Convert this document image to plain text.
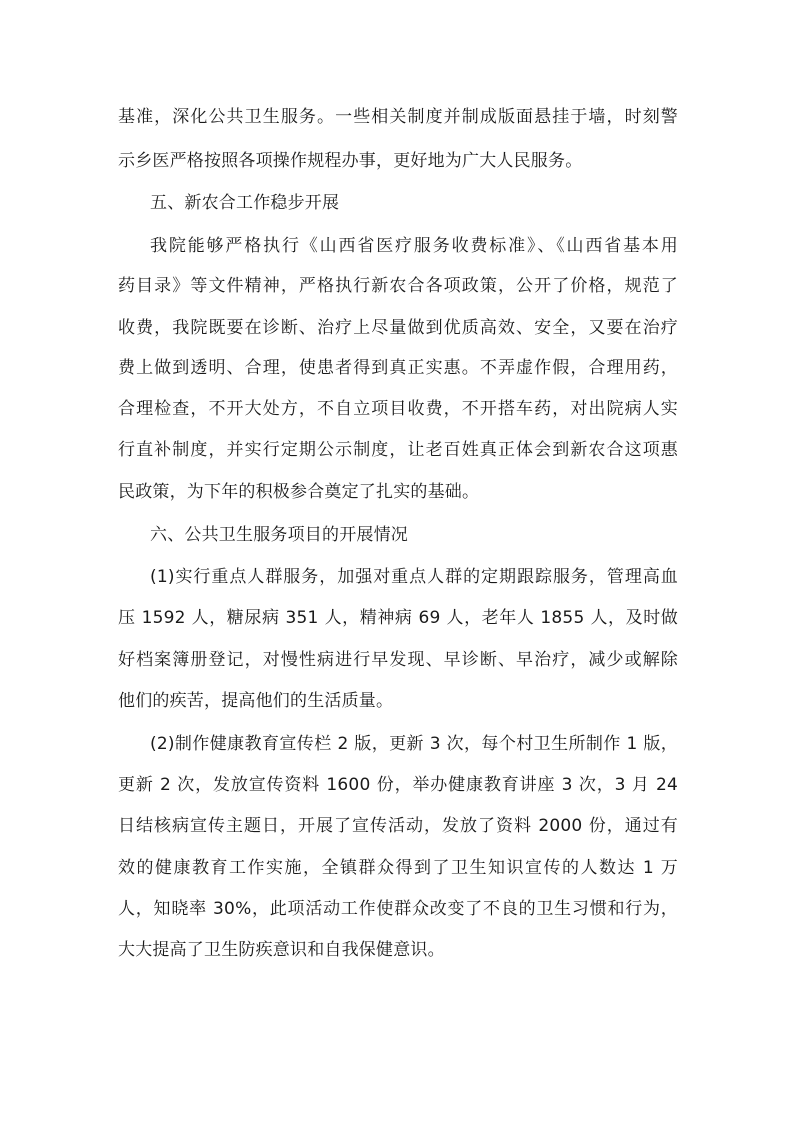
基准，深化公共卫生服务。一些相关制度并制成版面悬挂于墙，时刻警
示乡医严格按照各项操作规程办事，更好地为广大人民服务。
五、新农合工作稳步开展
我院能够严格执行《山西省医疗服务收费标准》、《山西省基本用
药目录》等文件精神，严格执行新农合各项政策，公开了价格，规范了
收费，我院既要在诊断、治疗上尽量做到优质高效、安全，又要在治疗
费上做到透明、合理，使患者得到真正实惠。不弄虚作假，合理用药，
合理检查，不开大处方，不自立项目收费，不开搭车药，对出院病人实
行直补制度，并实行定期公示制度，让老百姓真正体会到新农合这项惠
民政策，为下年的积极参合奠定了扎实的基础。
六、公共卫生服务项目的开展情况
(1)实行重点人群服务，加强对重点人群的定期跟踪服务，管理高血
压 1592 人，糖尿病 351 人，精神病 69 人，老年人 1855 人，及时做
好档案簿册登记，对慢性病进行早发现、早诊断、早治疗，减少或解除
他们的疾苦，提高他们的生活质量。
(2)制作健康教育宣传栏 2 版，更新 3 次，每个村卫生所制作 1 版，
更新 2 次，发放宣传资料 1600 份，举办健康教育讲座 3 次，3 月 24
日结核病宣传主题日，开展了宣传活动，发放了资料 2000 份，通过有
效的健康教育工作实施，全镇群众得到了卫生知识宣传的人数达 1 万
人，知晓率 30%，此项活动工作使群众改变了不良的卫生习惯和行为，
大大提高了卫生防疾意识和自我保健意识。
